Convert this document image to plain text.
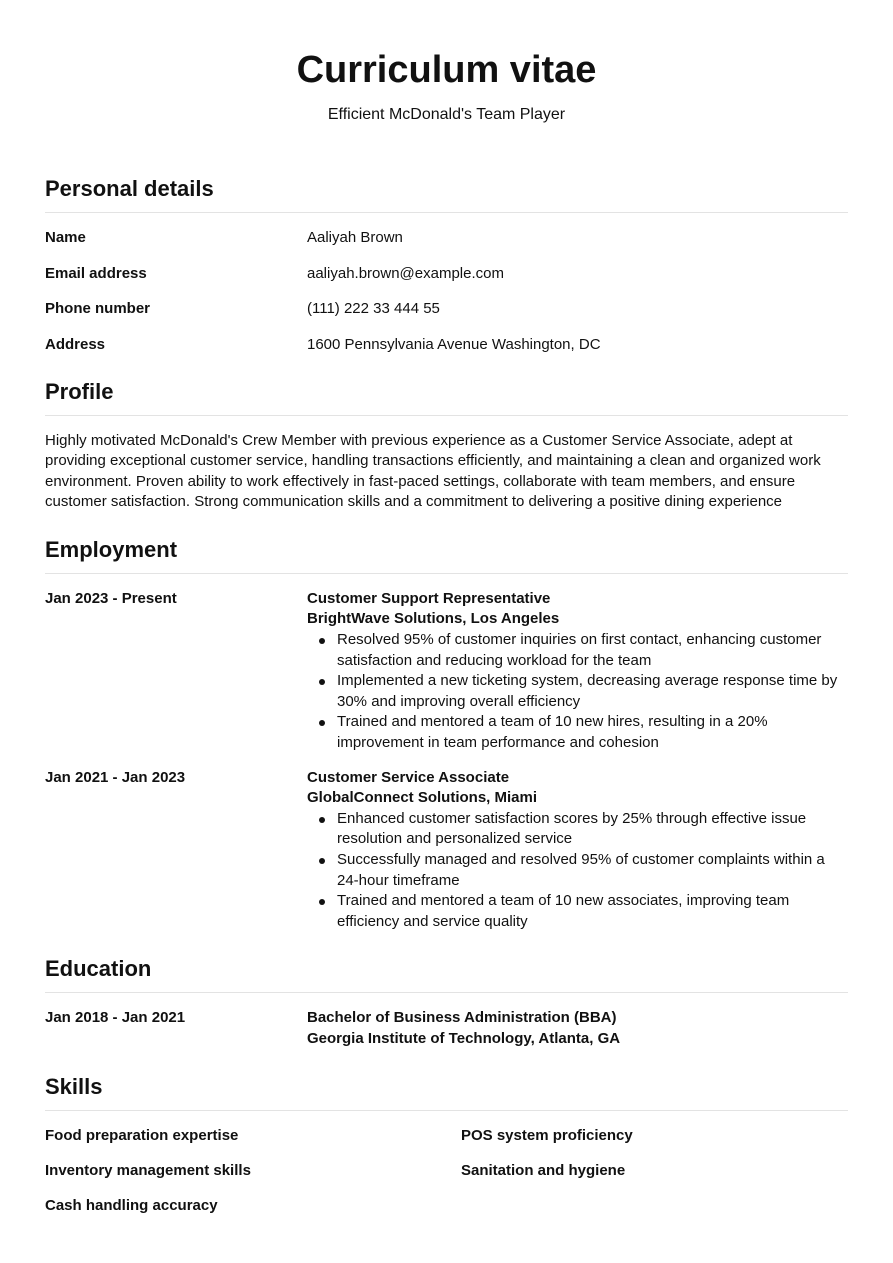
Curriculum vitae
Efficient McDonald's Team Player
Personal details
Name	Aaliyah Brown
Email address	aaliyah.brown@example.com
Phone number	(111) 222 33 444 55
Address	1600 Pennsylvania Avenue Washington, DC
Profile

Highly motivated McDonald's Crew Member with previous experience as a Customer Service Associate, adept at providing exceptional customer service, handling transactions efficiently, and maintaining a clean and organized work environment. Proven ability to work effectively in fast-paced settings, collaborate with team members, and ensure customer satisfaction. Strong communication skills and a commitment to delivering a positive dining experience

Employment
Jan 2023 - Present	Customer Support Representative
BrightWave Solutions, Los Angeles
Resolved 95% of customer inquiries on first contact, enhancing customer satisfaction and reducing workload for the team
Implemented a new ticketing system, decreasing average response time by 30% and improving overall efficiency
Trained and mentored a team of 10 new hires, resulting in a 20% improvement in team performance and cohesion
Jan 2021 - Jan 2023	Customer Service Associate
GlobalConnect Solutions, Miami
Enhanced customer satisfaction scores by 25% through effective issue resolution and personalized service
Successfully managed and resolved 95% of customer complaints within a 24-hour timeframe
Trained and mentored a team of 10 new associates, improving team efficiency and service quality
Education
Jan 2018 - Jan 2021	Bachelor of Business Administration (BBA)
Georgia Institute of Technology, Atlanta, GA
Skills
Food preparation expertise	POS system proficiency
Inventory management skills	Sanitation and hygiene
Cash handling accuracy
